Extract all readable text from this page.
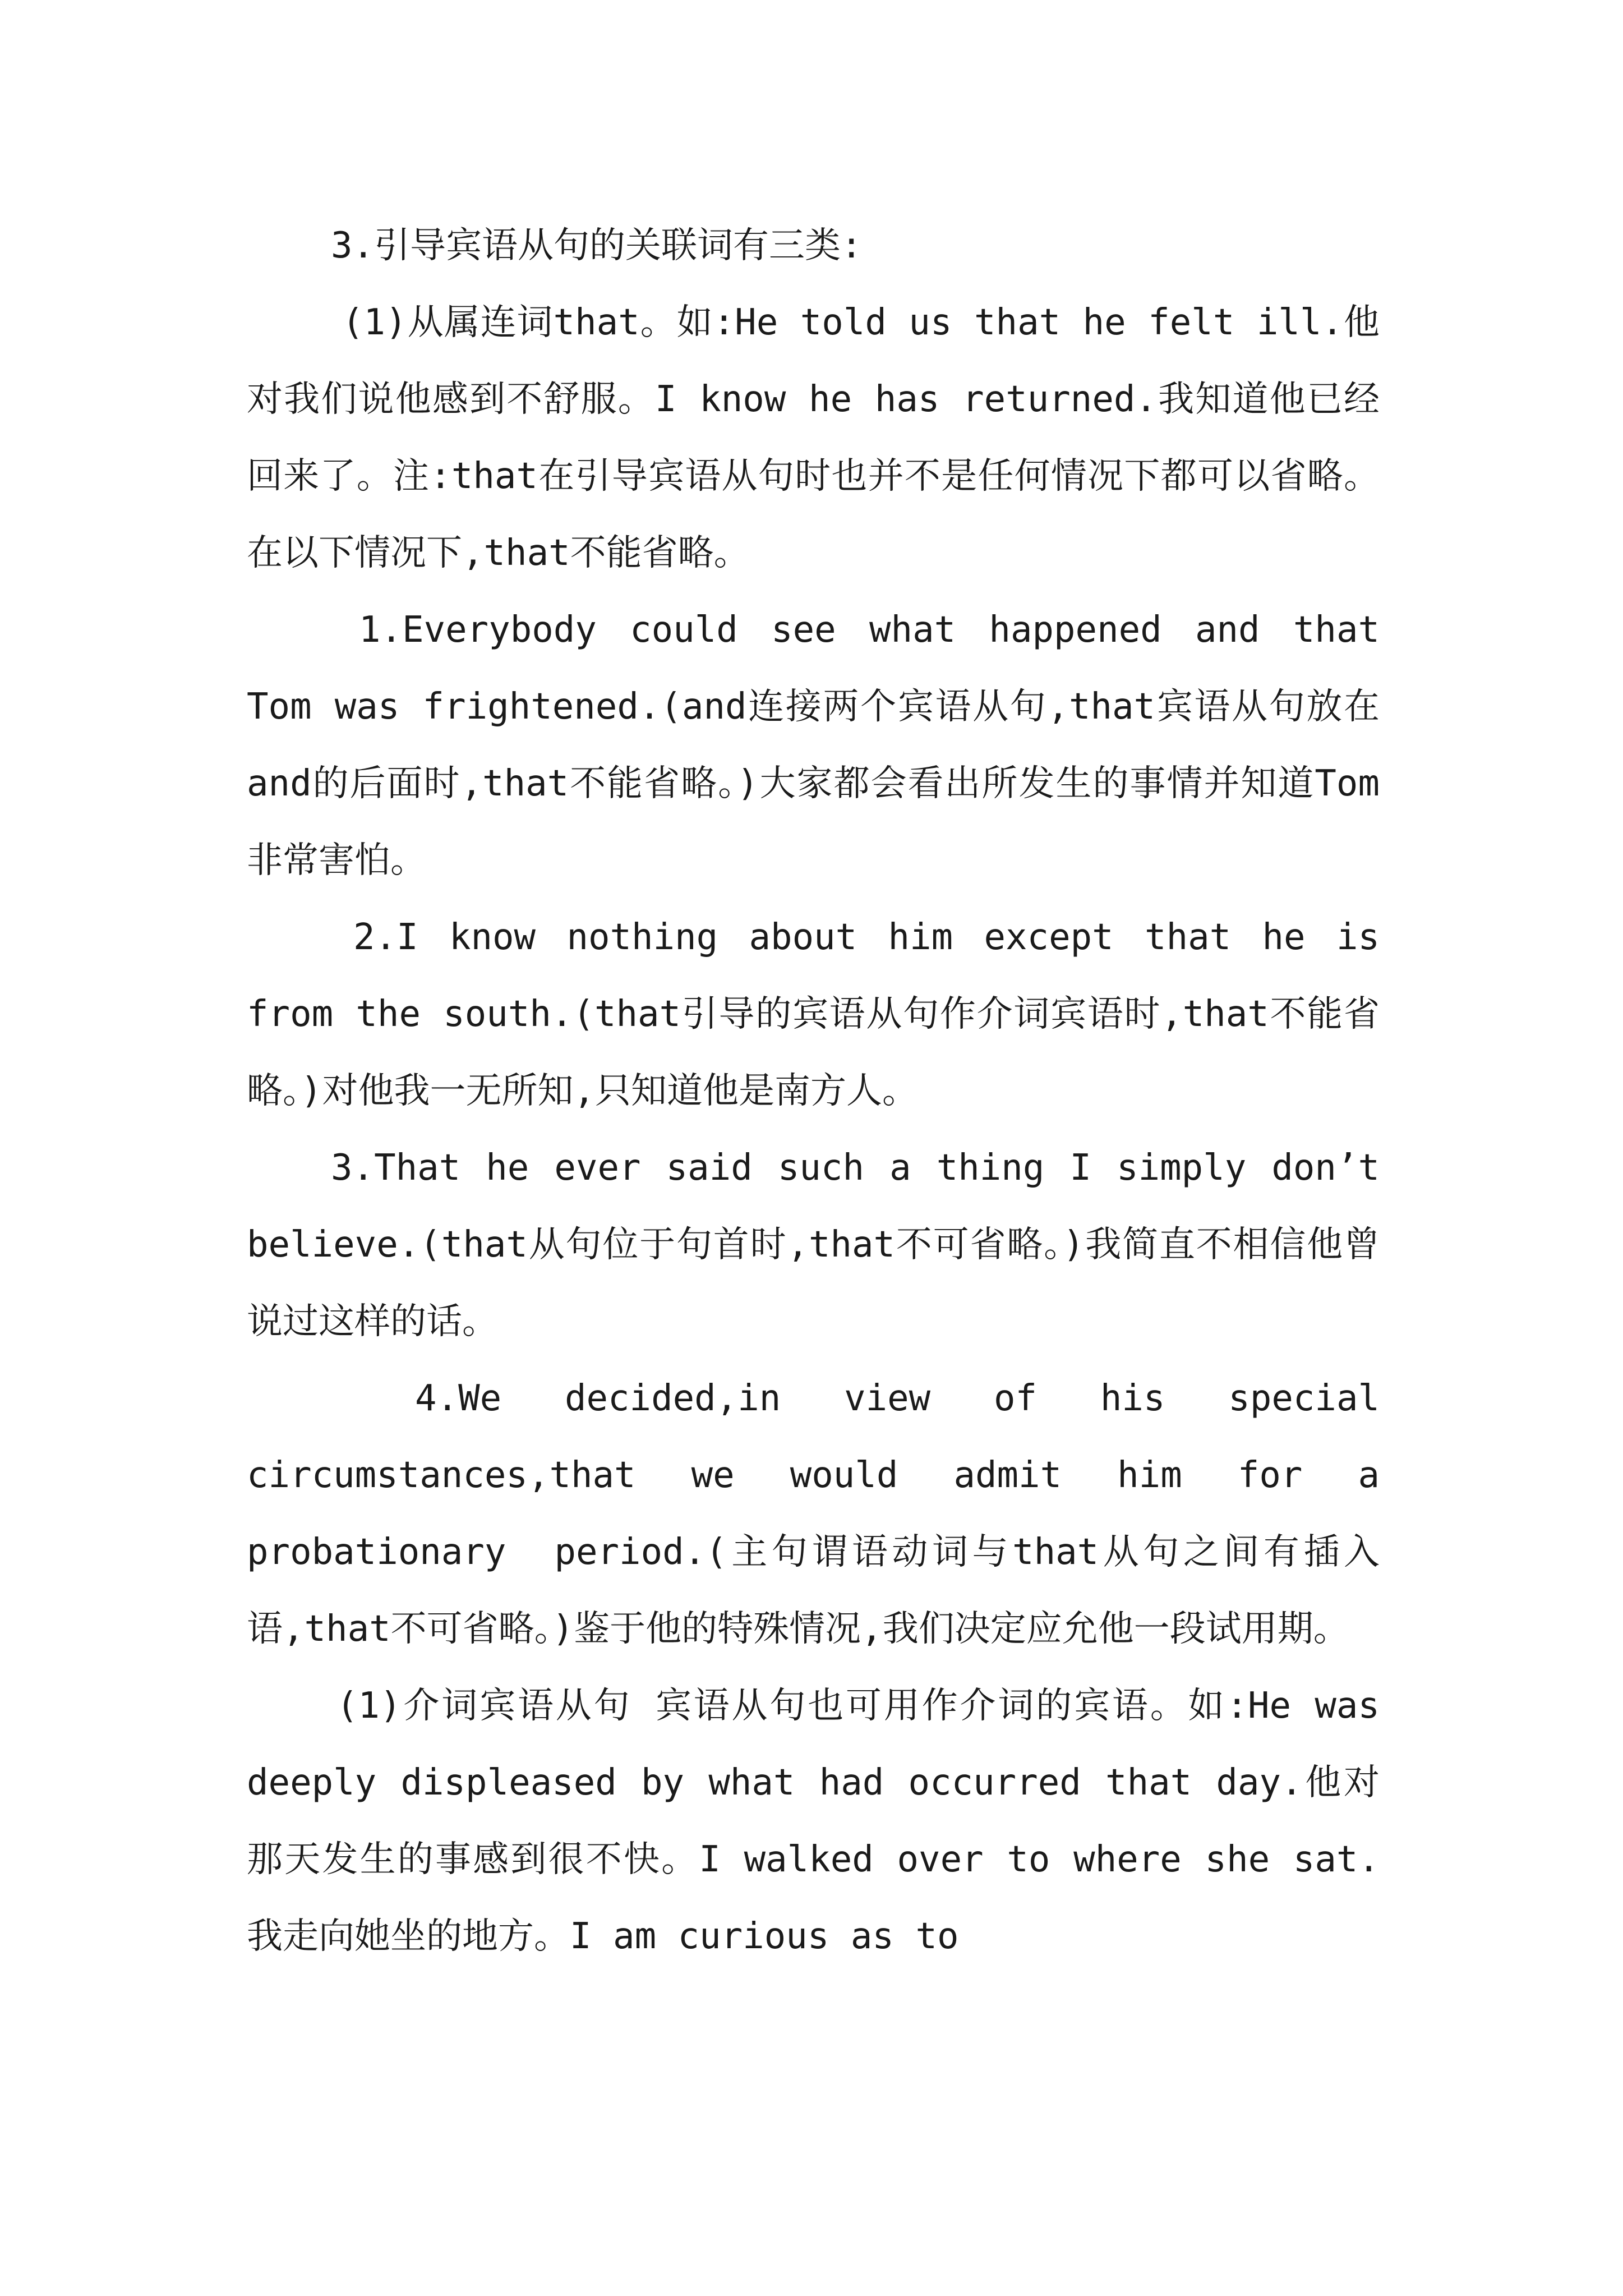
3.引导宾语从句的关联词有三类:

(1)从属连词that。如:He told us that he felt ill.他对我们说他感到不舒服。I know he has returned.我知道他已经回来了。注:that在引导宾语从句时也并不是任何情况下都可以省略。在以下情况下,that不能省略。

1.Everybody could see what happened and that Tom was frightened.(and连接两个宾语从句,that宾语从句放在and的后面时,that不能省略。)大家都会看出所发生的事情并知道Tom非常害怕。

2.I know nothing about him except that he is from the south.(that引导的宾语从句作介词宾语时,that不能省略。)对他我一无所知,只知道他是南方人。

3.That he ever said such a thing I simply don’t believe.(that从句位于句首时,that不可省略。)我简直不相信他曾说过这样的话。

4.We decided,in view of his special circumstances,that we would admit him for a probationary period.(主句谓语动词与that从句之间有插入语,that不可省略。)鉴于他的特殊情况,我们决定应允他一段试用期。

(1)介词宾语从句 宾语从句也可用作介词的宾语。如:He was deeply displeased by what had occurred that day.他对那天发生的事感到很不快。I walked over to where she sat.我走向她坐的地方。I am curious as to
